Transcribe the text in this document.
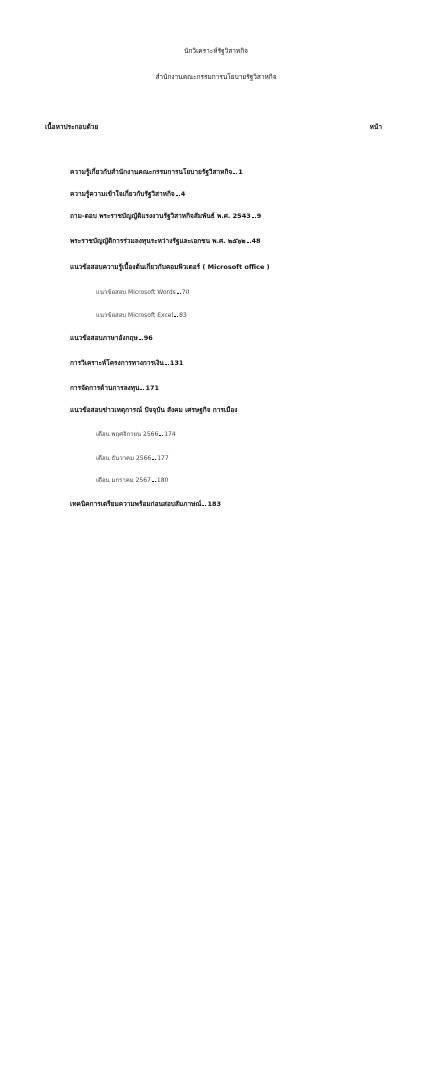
นักวิเคราะห์รัฐวิสาหกิจ
สำนักงานคณะกรรมการนโยบายรัฐวิสาหกิจ
เนื้อหาประกอบด้วย	หน้า
ความรู้เกี่ยวกับสำนักงานคณะกรรมการนโยบายรัฐวิสาหกิจ 1
ความรู้ความเข้าใจเกี่ยวกับรัฐวิสาหกิจ 4
ถาม-ตอบ พระราชบัญญัติแรงงานรัฐวิสาหกิจสัมพันธ์ พ.ศ. 2543 9
พระราชบัญญัติการร่วมลงทุนระหว่างรัฐและเอกชน พ.ศ. ๒๕๖๒ 48
แนวข้อสอบความรู้เบื้องต้นเกี่ยวกับคอมพิวเตอร์ ( Microsoft office )
แนวข้อสอบ Microsoft Words 70
แนวข้อสอบ Microsoft Excel 83
แนวข้อสอบภาษาอังกฤษ 96
การวิเคราะห์โครงการทางการเงิน 131
การจัดการด้านการลงทุน 171
แนวข้อสอบข่าวเหตุการณ์ ปัจจุบัน สังคม เศรษฐกิจ การเมือง
เดือน พฤศจิกายน 2566 174
เดือน ธันวาคม 2566 177
เดือน มกราคม 2567 180
เทคนิคการเตรียมความพร้อมก่อนสอบสัมภาษณ์ 183
